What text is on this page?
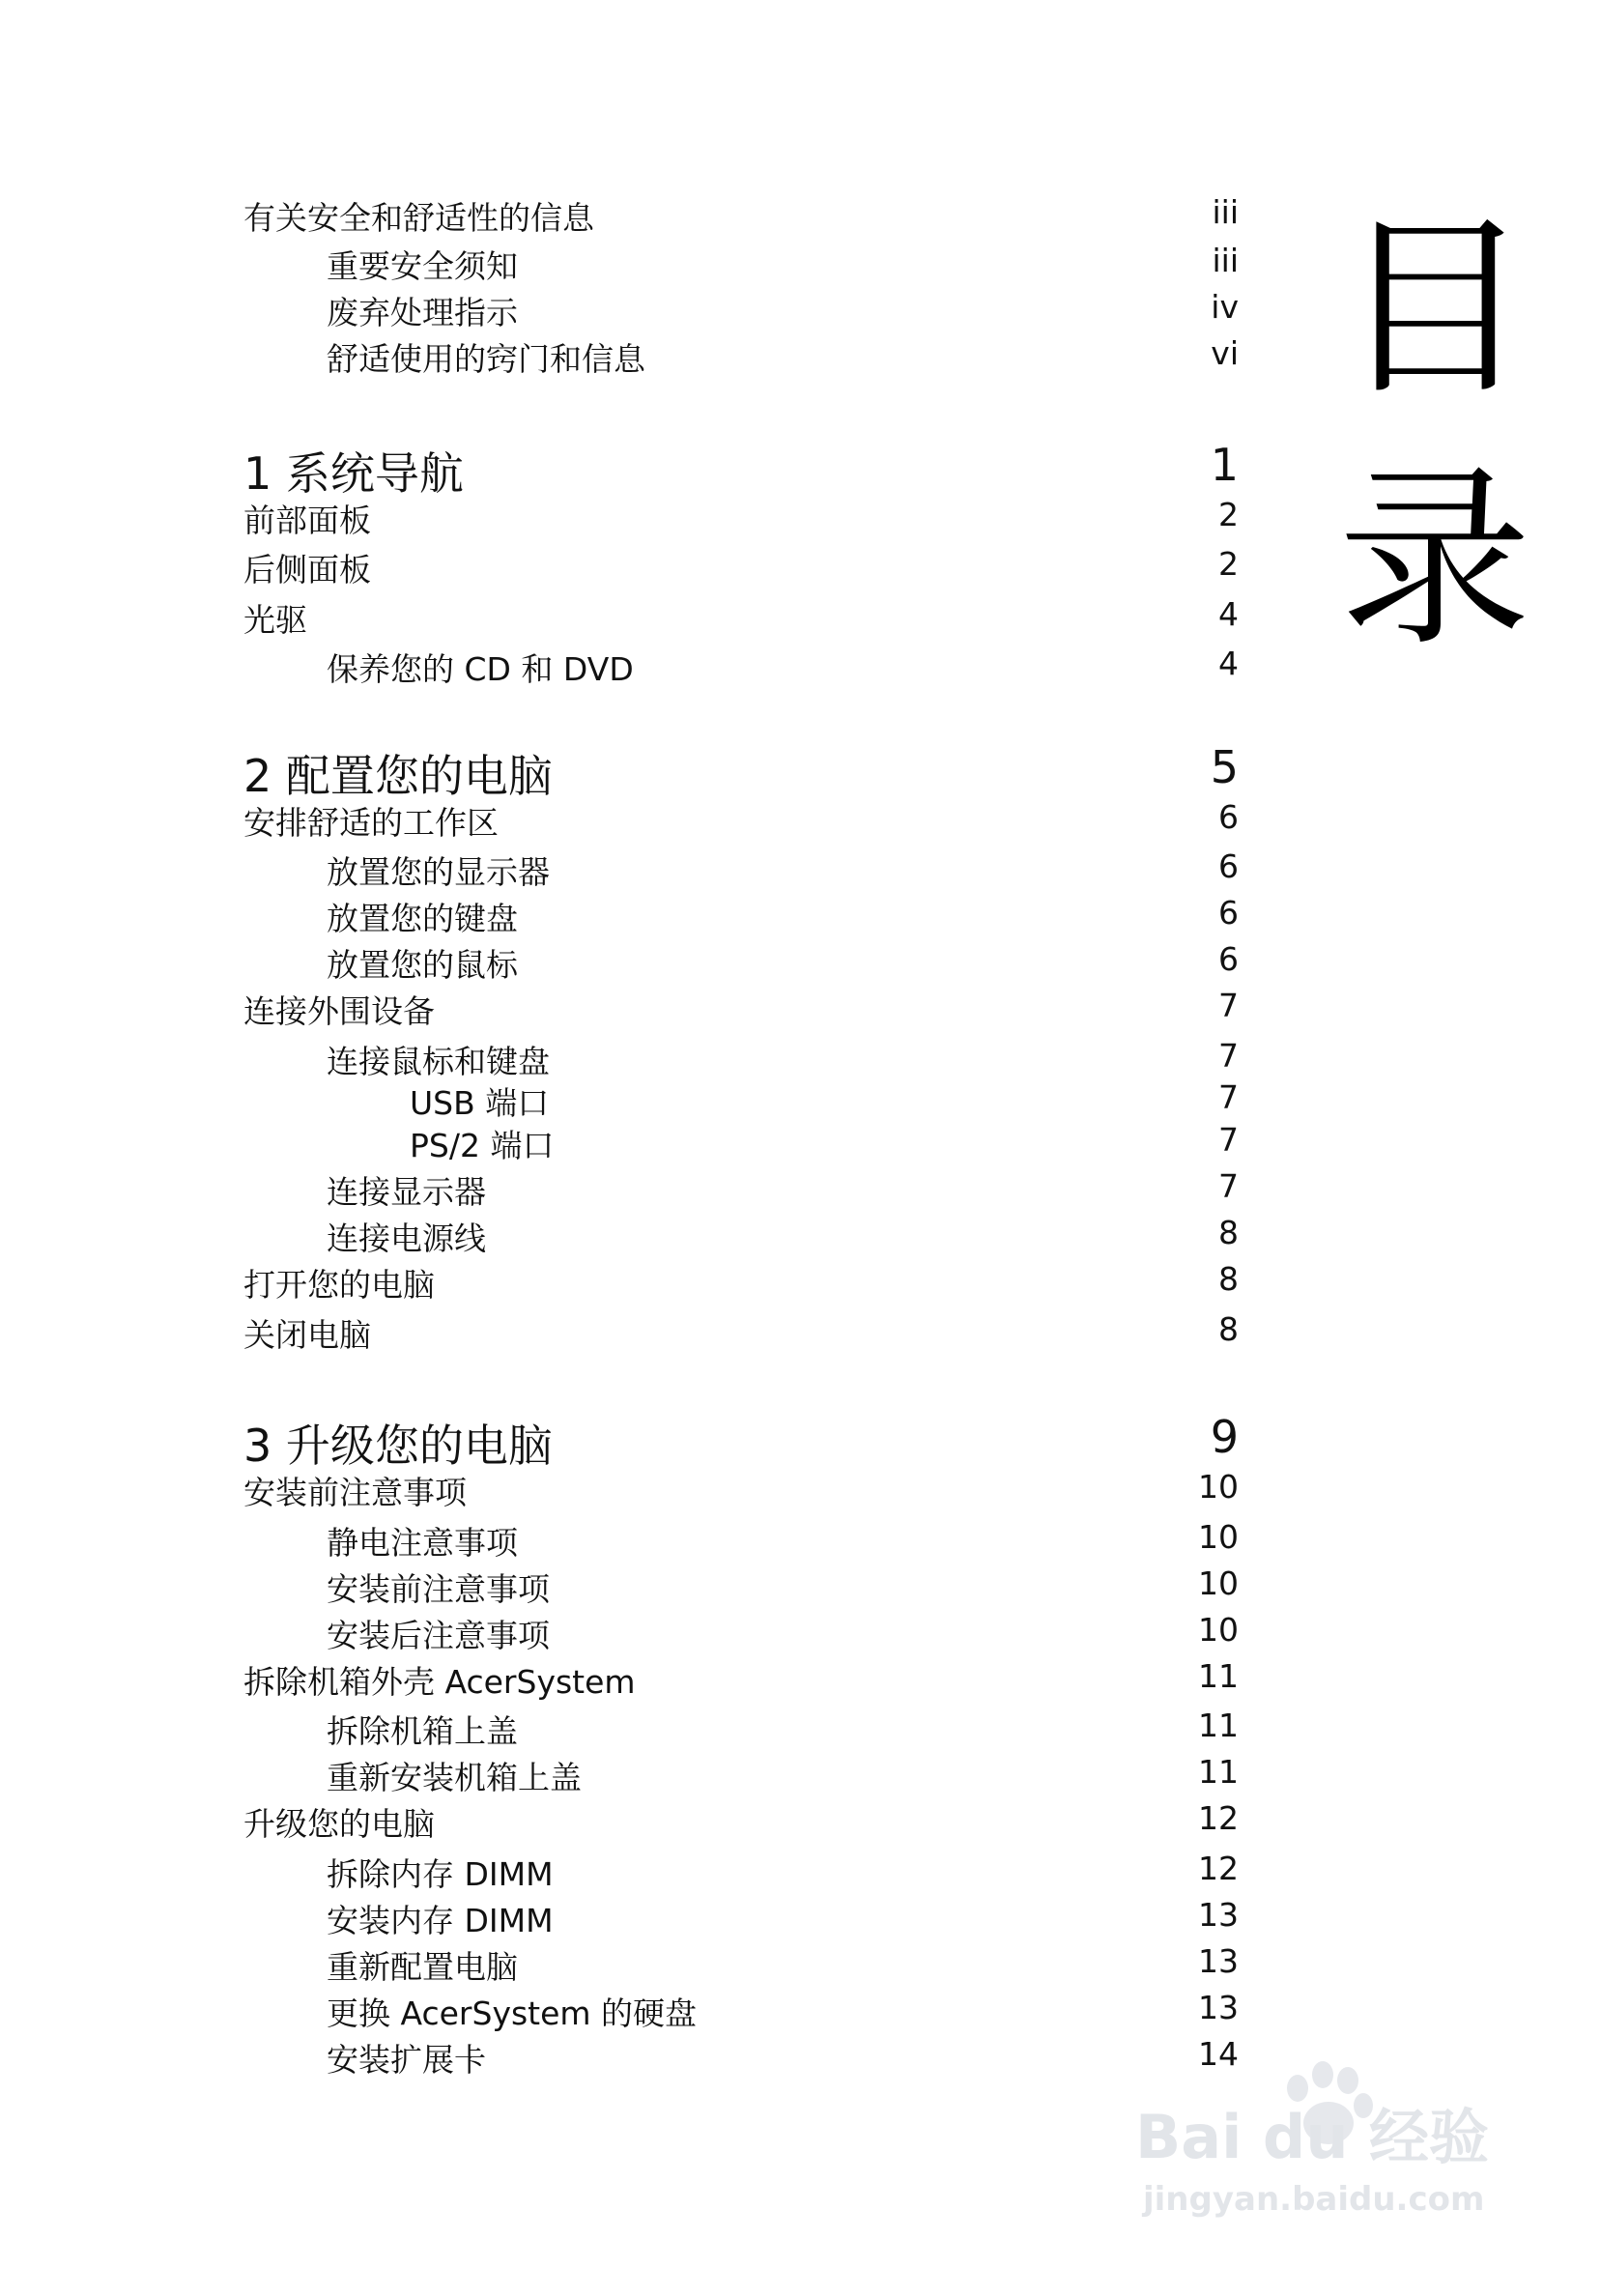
有关安全和舒适性的信息	iii
重要安全须知	iii
废弃处理指示	iv
舒适使用的窍门和信息	vi
1 系统导航	1
前部面板	2
后侧面板	2
光驱	4
保养您的 CD 和 DVD	4
2 配置您的电脑	5
安排舒适的工作区	6
放置您的显示器	6
放置您的键盘	6
放置您的鼠标	6
连接外围设备	7
连接鼠标和键盘	7
USB 端口	7
PS/2 端口	7
连接显示器	7
连接电源线	8
打开您的电脑	8
关闭电脑	8
3 升级您的电脑	9
安装前注意事项	10
静电注意事项	10
安装前注意事项	10
安装后注意事项	10
拆除机箱外壳 AcerSystem	11
拆除机箱上盖	11
重新安装机箱上盖	11
升级您的电脑	12
拆除内存 DIMM	12
安装内存 DIMM	13
重新配置电脑	13
更换 AcerSystem 的硬盘	13
安装扩展卡	14
目
录
Bai du 经验
jingyan.baidu.com
